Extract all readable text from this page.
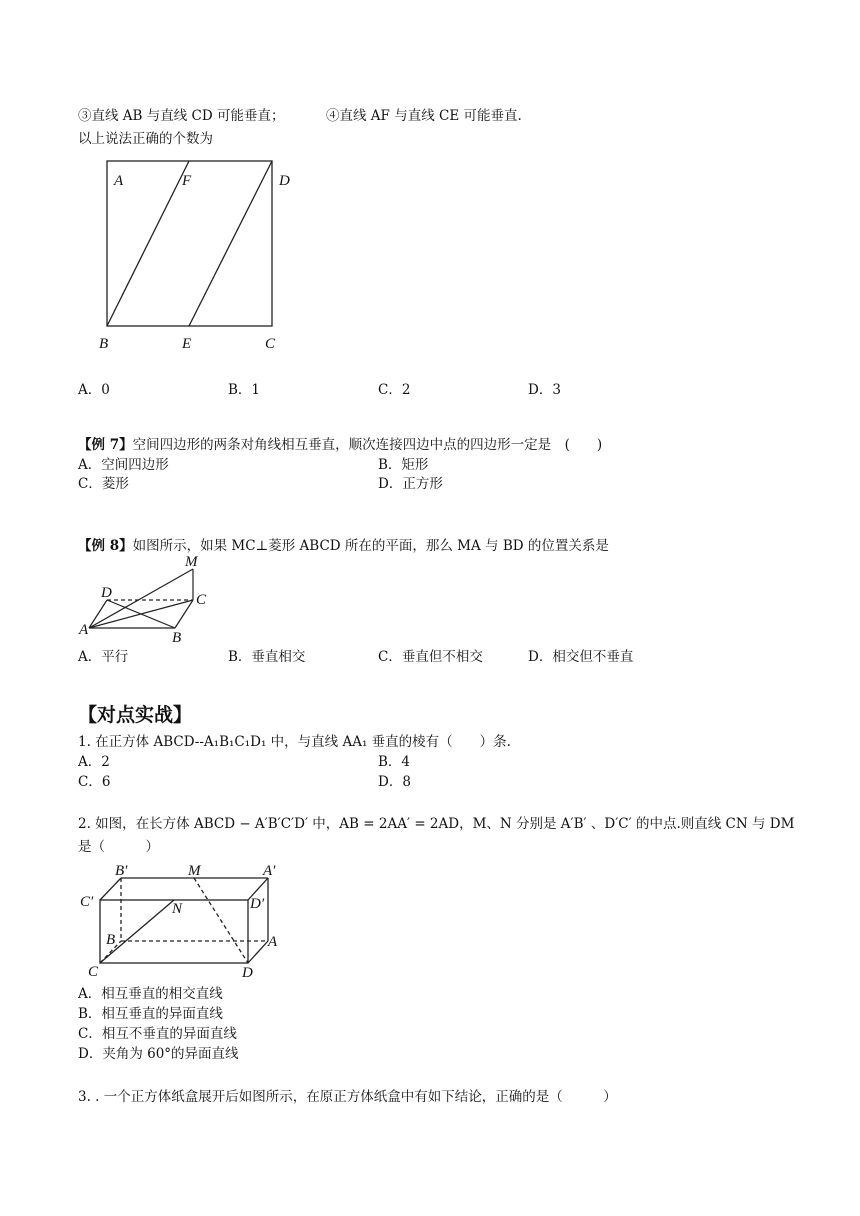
③直线 AB 与直线 CD 可能垂直；	④直线 AF 与直线 CE 可能垂直.
以上说法正确的个数为
A	F	D
B	E	C
A．0	B．1	C．2	D．3
【例 7】空间四边形的两条对角线相互垂直，顺次连接四边中点的四边形一定是　(　　)
A．空间四边形	B．矩形
C．菱形	D．正方形
【例 8】如图所示，如果 MC⊥菱形 ABCD 所在的平面，那么 MA 与 BD 的位置关系是
M
D	C
A	B
A．平行	B．垂直相交	C．垂直但不相交	D．相交但不垂直
【对点实战】
1. 在正方体 ABCD--A₁B₁C₁D₁ 中，与直线 AA₁ 垂直的棱有（　　）条.
A．2	B．4
C．6	D．8
2. 如图，在长方体 ABCD − A′B′C′D′ 中，AB = 2AA′ = 2AD，M、N 分别是 A′B′ 、D′C′ 的中点.则直线 CN 与 DM
是（　　　）
B′	M	A′
C′	N	D′
B	A
C	D
A．相互垂直的相交直线
B．相互垂直的异面直线
C．相互不垂直的异面直线
D．夹角为 60°的异面直线
3. . 一个正方体纸盒展开后如图所示，在原正方体纸盒中有如下结论，正确的是（　　　）
